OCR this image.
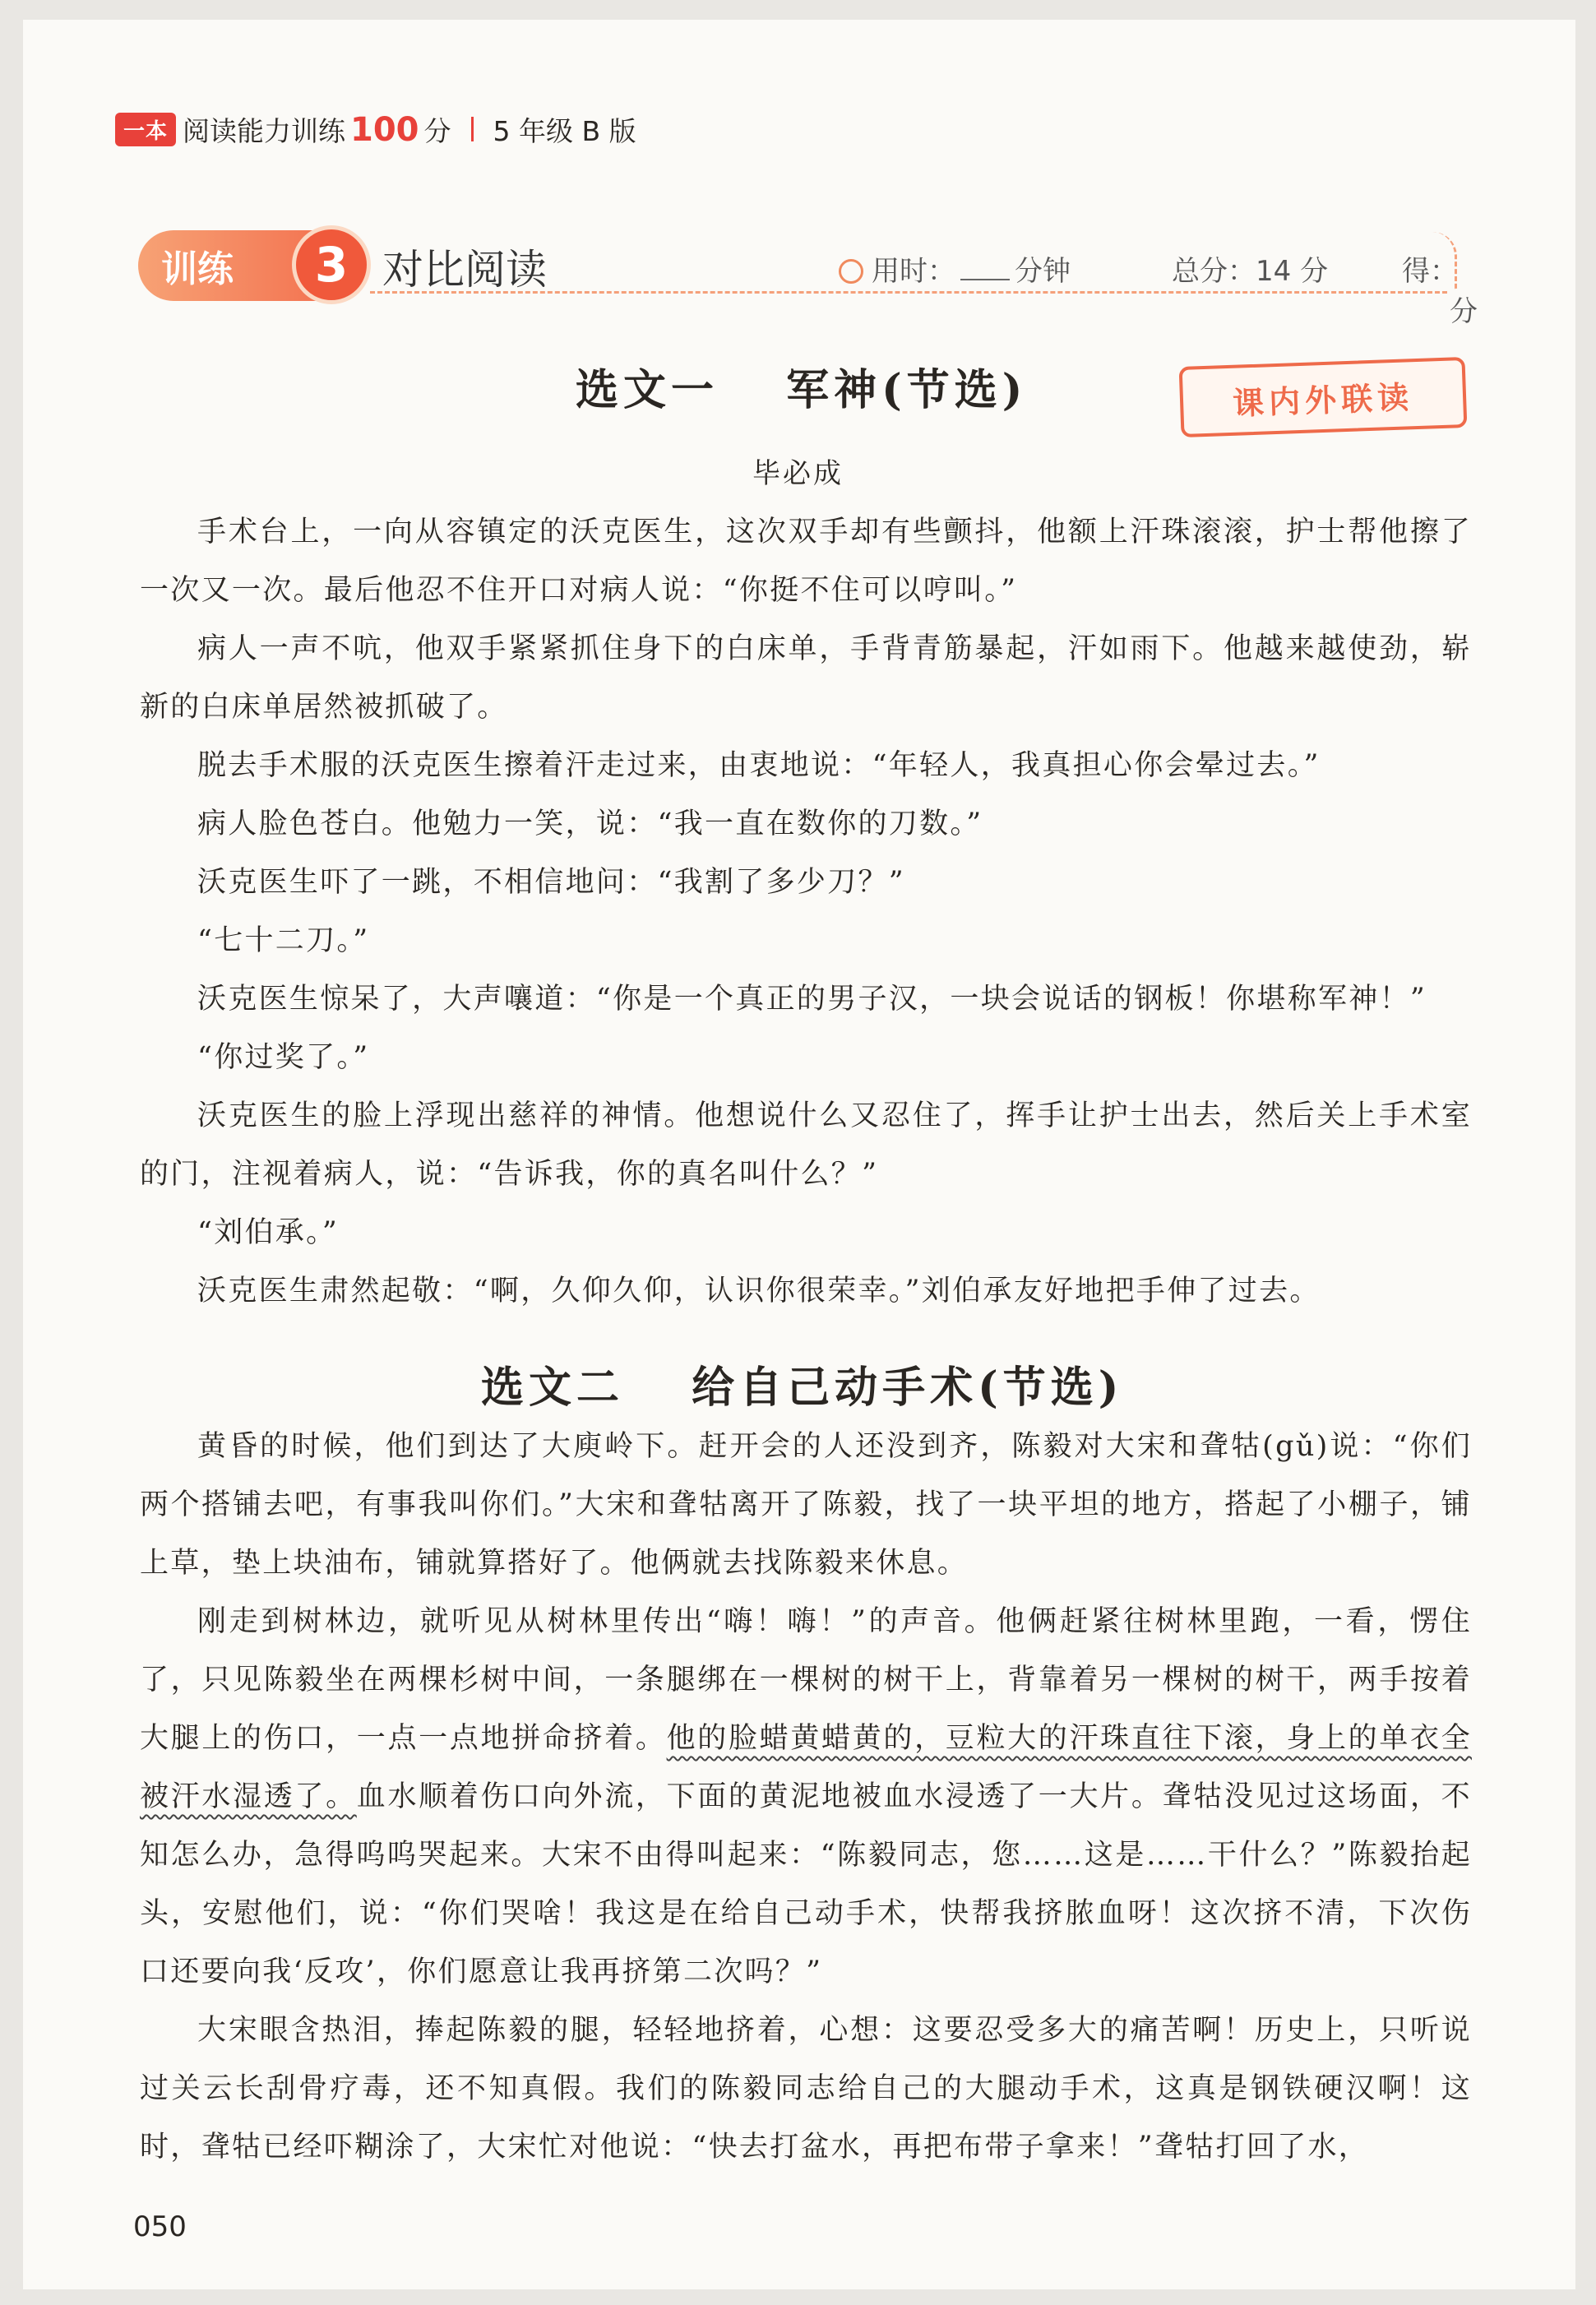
一本 阅读能力训练 100 分 5 年级 B 版
训练	3 对比阅读	用时： 分钟	总分：14 分	得：分
选文一　 军神(节选)	课内外联读
毕必成

手术台上，一向从容镇定的沃克医生，这次双手却有些颤抖，他额上汗珠滚滚，护士帮他擦了一次又一次。最后他忍不住开口对病人说：“你挺不住可以哼叫。”

病人一声不吭，他双手紧紧抓住身下的白床单，手背青筋暴起，汗如雨下。他越来越使劲，崭新的白床单居然被抓破了。

脱去手术服的沃克医生擦着汗走过来，由衷地说：“年轻人，我真担心你会晕过去。”

病人脸色苍白。他勉力一笑，说：“我一直在数你的刀数。”

沃克医生吓了一跳，不相信地问：“我割了多少刀？”

“七十二刀。”

沃克医生惊呆了，大声嚷道：“你是一个真正的男子汉，一块会说话的钢板！你堪称军神！”

“你过奖了。”

沃克医生的脸上浮现出慈祥的神情。他想说什么又忍住了，挥手让护士出去，然后关上手术室的门，注视着病人，说：“告诉我，你的真名叫什么？”

“刘伯承。”

沃克医生肃然起敬：“啊，久仰久仰，认识你很荣幸。”刘伯承友好地把手伸了过去。

选文二　 给自己动手术(节选)

黄昏的时候，他们到达了大庾岭下。赶开会的人还没到齐，陈毅对大宋和聋牯(gǔ)说：“你们两个搭铺去吧，有事我叫你们。”大宋和聋牯离开了陈毅，找了一块平坦的地方，搭起了小棚子，铺上草，垫上块油布，铺就算搭好了。他俩就去找陈毅来休息。

刚走到树林边，就听见从树林里传出“嗨！嗨！”的声音。他俩赶紧往树林里跑，一看，愣住了，只见陈毅坐在两棵杉树中间，一条腿绑在一棵树的树干上，背靠着另一棵树的树干，两手按着大腿上的伤口，一点一点地拼命挤着。他的脸蜡黄蜡黄的，豆粒大的汗珠直往下滚，身上的单衣全被汗水湿透了。血水顺着伤口向外流，下面的黄泥地被血水浸透了一大片。聋牯没见过这场面，不知怎么办，急得呜呜哭起来。大宋不由得叫起来：“陈毅同志，您……这是……干什么？”陈毅抬起头，安慰他们，说：“你们哭啥！我这是在给自己动手术，快帮我挤脓血呀！这次挤不清，下次伤口还要向我‘反攻’，你们愿意让我再挤第二次吗？”

大宋眼含热泪，捧起陈毅的腿，轻轻地挤着，心想：这要忍受多大的痛苦啊！历史上，只听说过关云长刮骨疗毒，还不知真假。我们的陈毅同志给自己的大腿动手术，这真是钢铁硬汉啊！这时，聋牯已经吓糊涂了，大宋忙对他说：“快去打盆水，再把布带子拿来！”聋牯打回了水，

050
